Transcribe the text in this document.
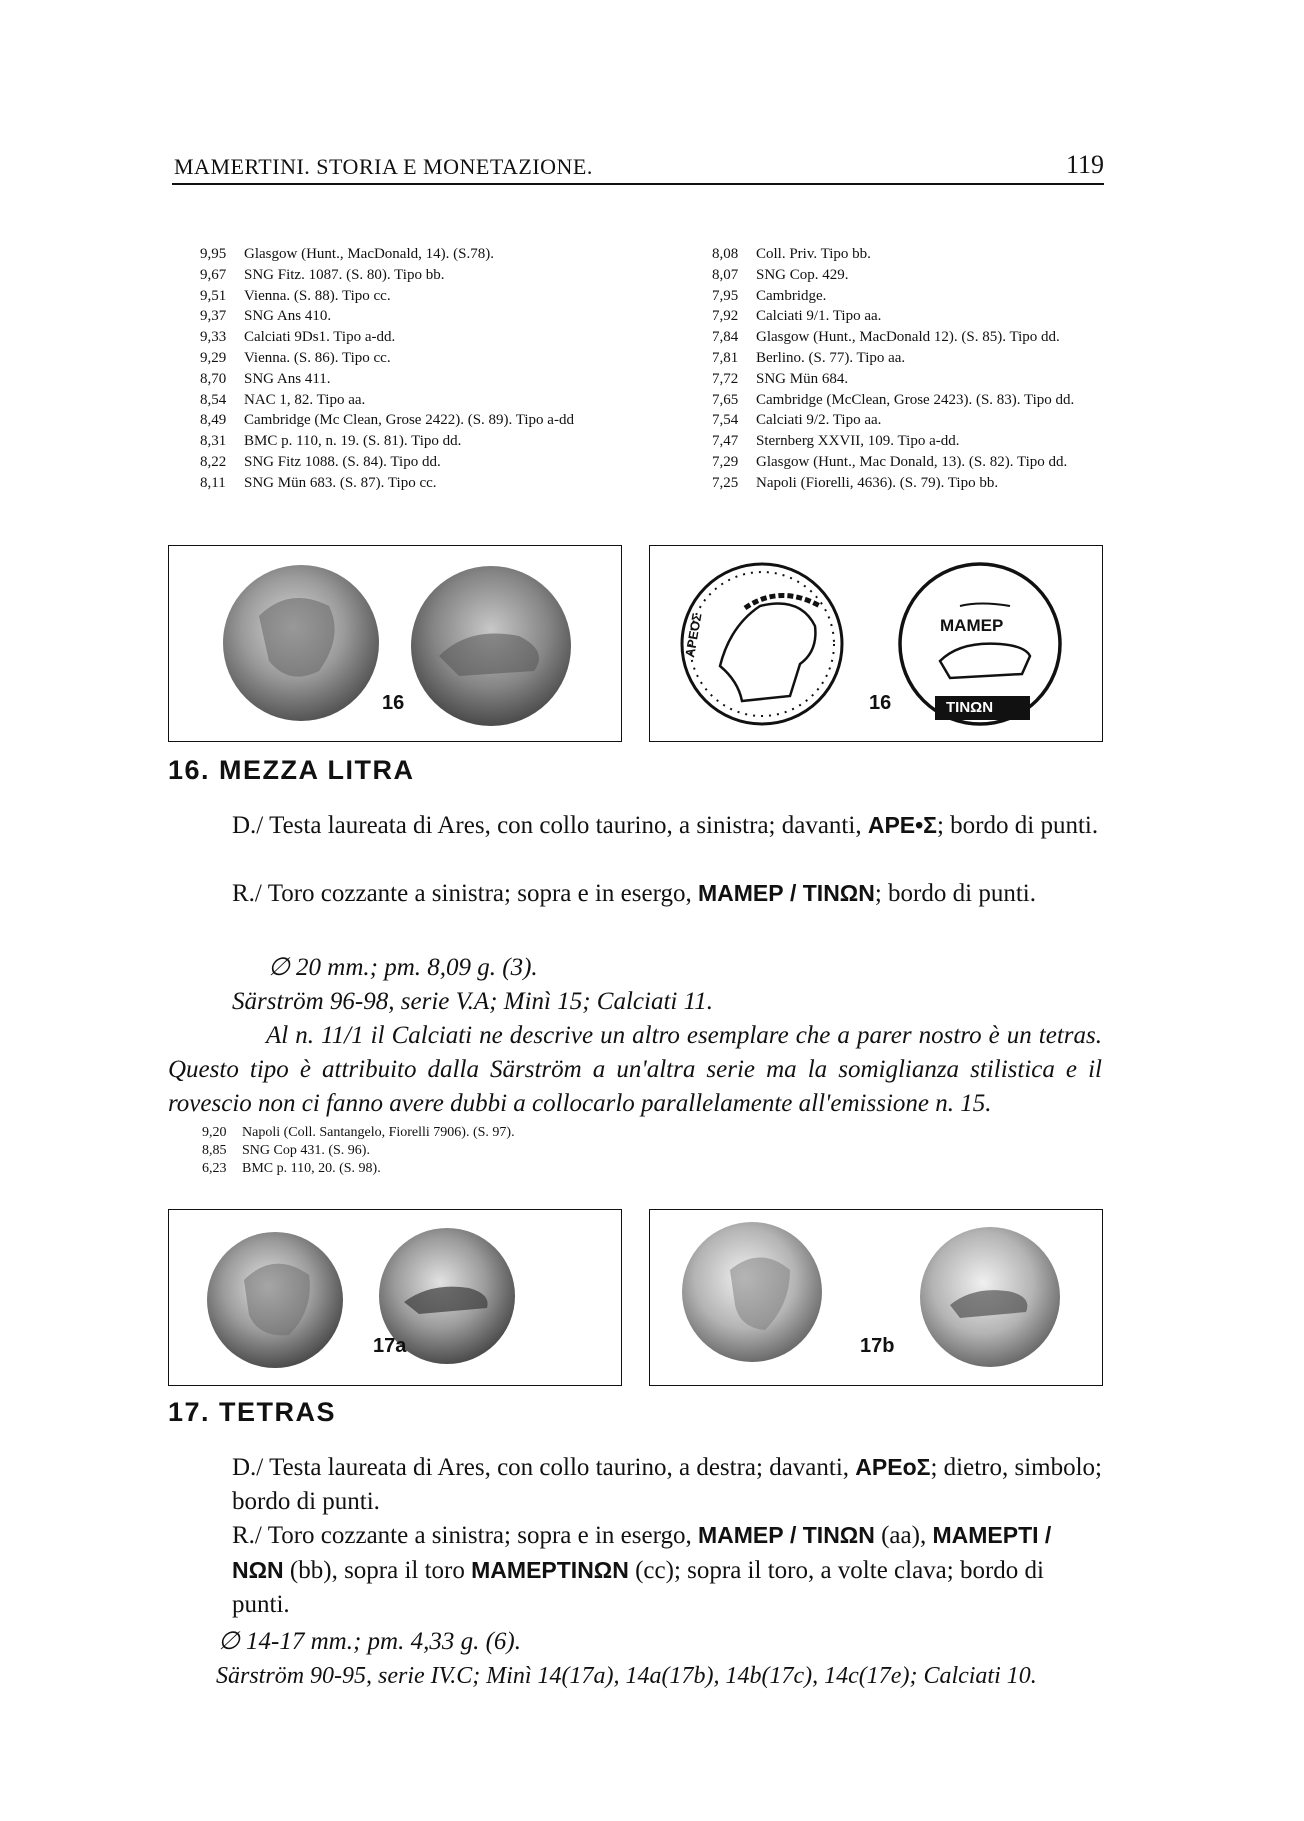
MAMERTINI. STORIA E MONETAZIONE.	119
9,95 Glasgow (Hunt., MacDonald, 14). (S.78).
9,67 SNG Fitz. 1087. (S. 80). Tipo bb.
9,51 Vienna. (S. 88). Tipo cc.
9,37 SNG Ans 410.
9,33 Calciati 9Ds1. Tipo a-dd.
9,29 Vienna. (S. 86). Tipo cc.
8,70 SNG Ans 411.
8,54 NAC 1, 82. Tipo aa.
8,49 Cambridge (Mc Clean, Grose 2422). (S. 89). Tipo a-dd
8,31 BMC p. 110, n. 19. (S. 81). Tipo dd.
8,22 SNG Fitz 1088. (S. 84). Tipo dd.
8,11 SNG Mün 683. (S. 87). Tipo cc.
8,08 Coll. Priv. Tipo bb.
8,07 SNG Cop. 429.
7,95 Cambridge.
7,92 Calciati 9/1. Tipo aa.
7,84 Glasgow (Hunt., MacDonald 12). (S. 85). Tipo dd.
7,81 Berlino. (S. 77). Tipo aa.
7,72 SNG Mün 684.
7,65 Cambridge (McClean, Grose 2423). (S. 83). Tipo dd.
7,54 Calciati 9/2. Tipo aa.
7,47 Sternberg XXVII, 109. Tipo a-dd.
7,29 Glasgow (Hunt., Mac Donald, 13). (S. 82). Tipo dd.
7,25 Napoli (Fiorelli, 4636). (S. 79). Tipo bb.
16
ΜΑΜΕΡ
ΤΙΝΩΝ
ΑΡΕΟΣ
16
16. MEZZA LITRA
D./ Testa laureata di Ares, con collo taurino, a sinistra; davanti, ΑΡΕ•Σ; bordo di punti.
R./ Toro cozzante a sinistra; sopra e in esergo, ΜΑΜΕΡ / ΤΙΝΩΝ; bordo di punti.
∅ 20 mm.; pm. 8,09 g. (3).
Särström 96-98, serie V.A; Minì 15; Calciati 11.
Al n. 11/1 il Calciati ne descrive un altro esemplare che a parer nostro è un tetras. Questo tipo è attribuito dalla Särström a un'altra serie ma la somiglianza stilistica e il rovescio non ci fanno avere dubbi a collocarlo parallelamente all'emissione n. 15.
9,20 Napoli (Coll. Santangelo, Fiorelli 7906). (S. 97).
8,85 SNG Cop 431. (S. 96).
6,23 BMC p. 110, 20. (S. 98).
17a	17b
17. TETRAS
D./ Testa laureata di Ares, con collo taurino, a destra; davanti, ΑΡΕοΣ; dietro, simbolo; bordo di punti.
R./ Toro cozzante a sinistra; sopra e in esergo, ΜΑΜΕΡ / ΤΙΝΩΝ (aa), ΜΑΜΕΡΤΙ / ΝΩΝ (bb), sopra il toro ΜΑΜΕΡΤΙΝΩΝ (cc); sopra il toro, a volte clava; bordo di punti.
∅ 14-17 mm.; pm. 4,33 g. (6).
Särström 90-95, serie IV.C; Minì 14(17a), 14a(17b), 14b(17c), 14c(17e); Calciati 10.
